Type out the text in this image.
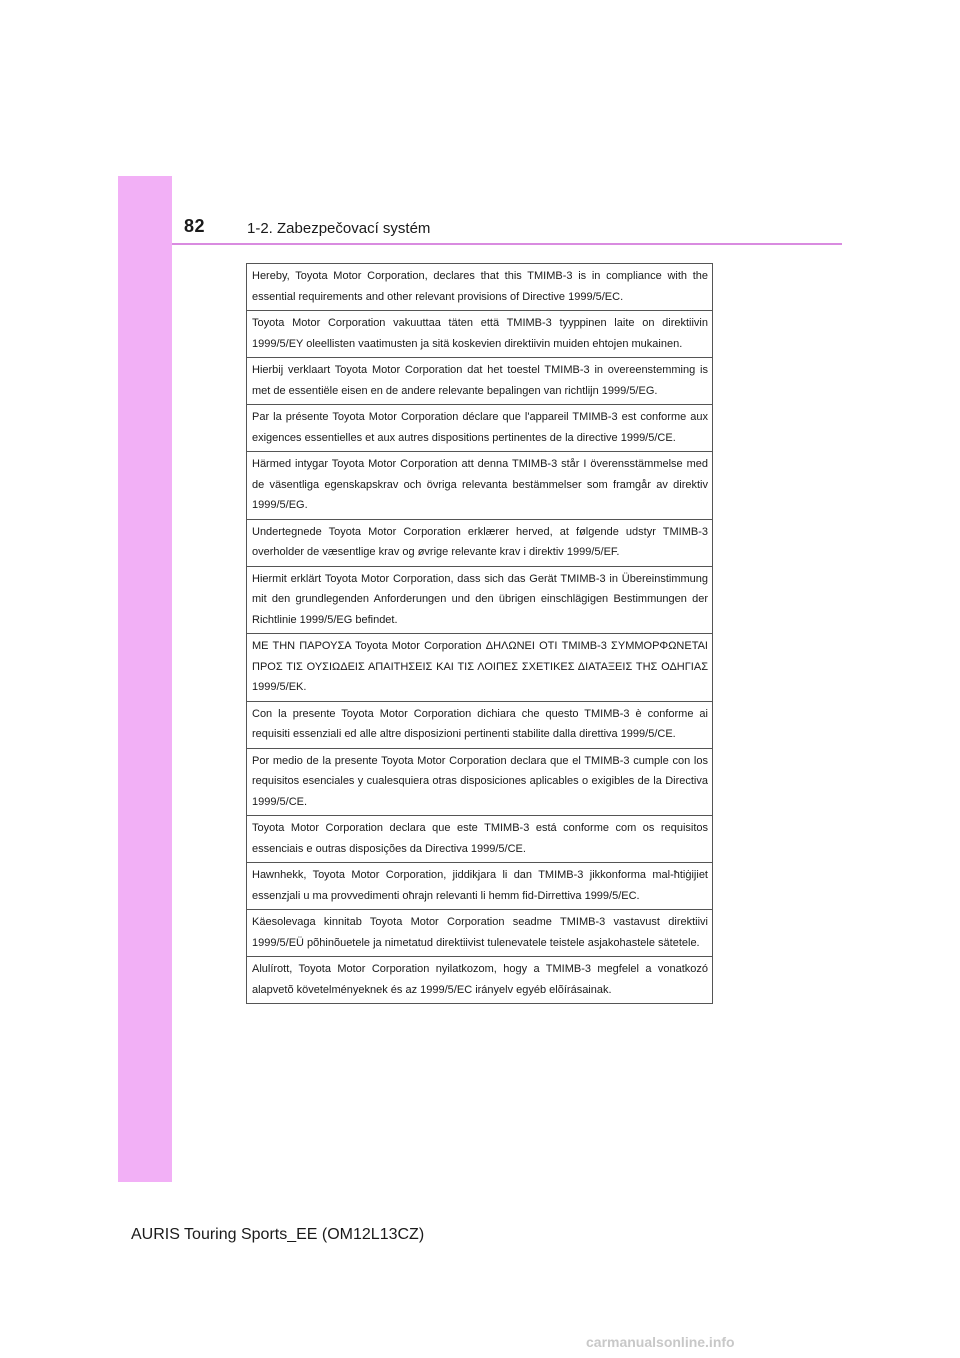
82	1-2. Zabezpečovací systém
Hereby, Toyota Motor Corporation, declares that this TMIMB-3 is in compliance with the essential requirements and other relevant provisions of Directive 1999/5/EC.
Toyota Motor Corporation vakuuttaa täten että TMIMB-3 tyyppinen laite on direktiivin 1999/5/EY oleellisten vaatimusten ja sitä koskevien direktiivin muiden ehtojen mukainen.
Hierbij verklaart Toyota Motor Corporation dat het toestel TMIMB-3 in overeenstemming is met de essentiële eisen en de andere relevante bepalingen van richtlijn 1999/5/EG.
Par la présente Toyota Motor Corporation déclare que l'appareil TMIMB-3 est conforme aux exigences essentielles et aux autres dispositions pertinentes de la directive 1999/5/CE.
Härmed intygar Toyota Motor Corporation att denna TMIMB-3 står I överensstämmelse med de väsentliga egenskapskrav och övriga relevanta bestämmelser som framgår av direktiv 1999/5/EG.
Undertegnede Toyota Motor Corporation erklærer herved, at følgende udstyr TMIMB-3 overholder de væsentlige krav og øvrige relevante krav i direktiv 1999/5/EF.
Hiermit erklärt Toyota Motor Corporation, dass sich das Gerät TMIMB-3 in Übereinstimmung mit den grundlegenden Anforderungen und den übrigen einschlägigen Bestimmungen der Richtlinie 1999/5/EG befindet.
ΜΕ ΤΗΝ ΠΑΡΟΥΣΑ Toyota Motor Corporation ΔΗΛΩΝΕΙ ΟΤΙ TMIMB-3 ΣΥΜΜΟΡΦΩΝΕΤΑΙ ΠΡΟΣ ΤΙΣ ΟΥΣΙΩΔΕΙΣ ΑΠΑΙΤΗΣΕΙΣ ΚΑΙ ΤΙΣ ΛΟΙΠΕΣ ΣΧΕΤΙΚΕΣ ΔΙΑΤΑΞΕΙΣ ΤΗΣ ΟΔΗΓΙΑΣ 1999/5/ΕΚ.
Con la presente Toyota Motor Corporation dichiara che questo TMIMB-3 è conforme ai requisiti essenziali ed alle altre disposizioni pertinenti stabilite dalla direttiva 1999/5/CE.
Por medio de la presente Toyota Motor Corporation declara que el TMIMB-3 cumple con los requisitos esenciales y cualesquiera otras disposiciones aplicables o exigibles de la Directiva 1999/5/CE.
Toyota Motor Corporation declara que este TMIMB-3 está conforme com os requisitos essenciais e outras disposições da Directiva 1999/5/CE.
Hawnhekk, Toyota Motor Corporation, jiddikjara li dan TMIMB-3 jikkonforma mal-ħtiġijiet essenzjali u ma provvedimenti oħrajn relevanti li hemm fid-Dirrettiva 1999/5/EC.
Käesolevaga kinnitab Toyota Motor Corporation seadme TMIMB-3 vastavust direktiivi 1999/5/EÜ põhinõuetele ja nimetatud direktiivist tulenevatele teistele asjakohastele sätetele.
Alulírott, Toyota Motor Corporation nyilatkozom, hogy a TMIMB-3 megfelel a vonatkozó alapvetõ követelményeknek és az 1999/5/EC irányelv egyéb elõírásainak.
AURIS Touring Sports_EE (OM12L13CZ)
carmanualsonline.info
